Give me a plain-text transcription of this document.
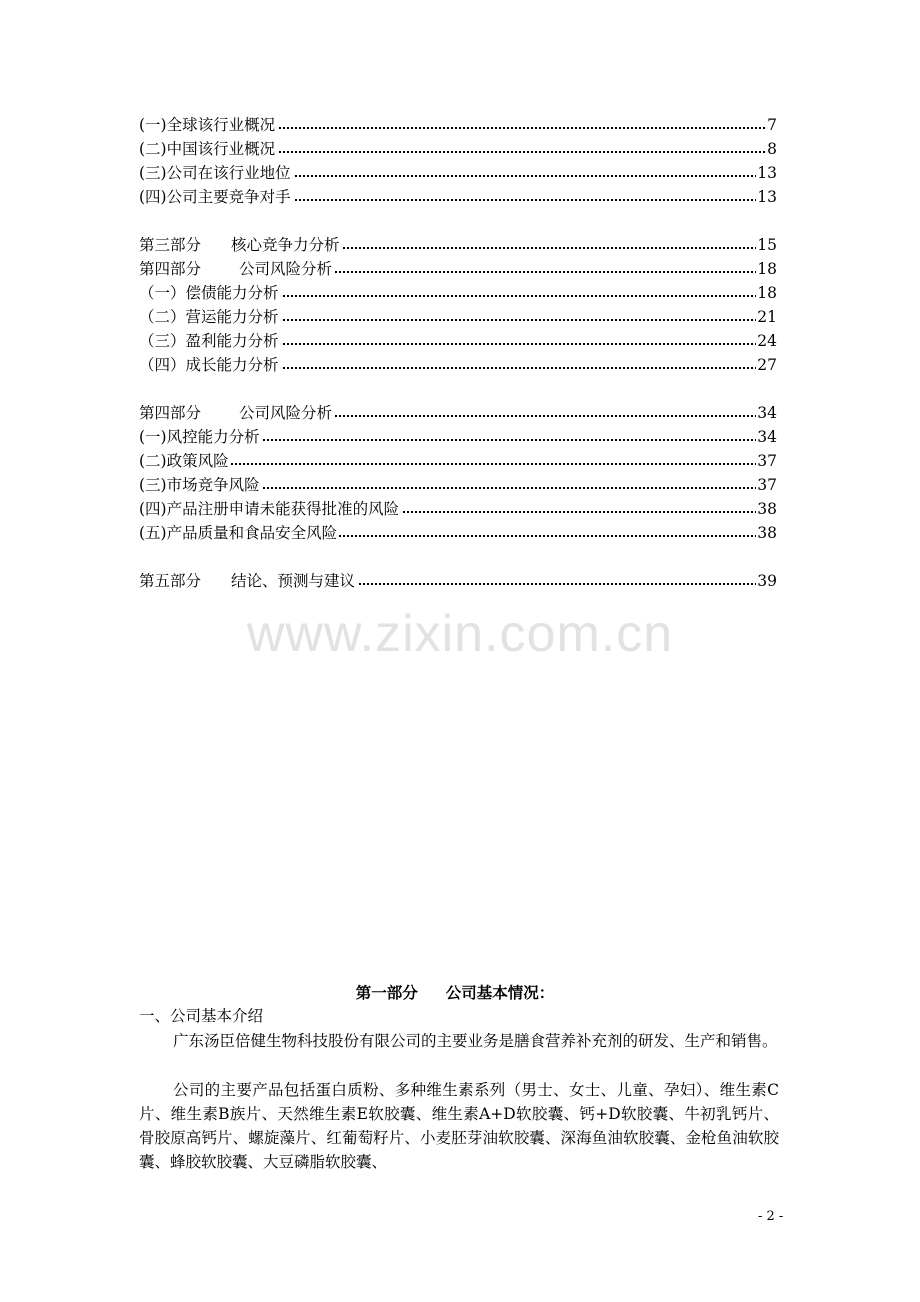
(一)全球该行业概况	7
(二)中国该行业概况	8
(三)公司在该行业地位	13
(四)公司主要竞争对手	13
第三部分 核心竞争力分析	15
第四部分 公司风险分析	18
（一）偿债能力分析	18
（二）营运能力分析	21
（三）盈利能力分析	24
（四）成长能力分析	27
第四部分 公司风险分析	34
(一)风控能力分析	34
(二)政策风险	37
(三)市场竞争风险	37
(四)产品注册申请未能获得批准的风险	38
(五)产品质量和食品安全风险	38
第五部分 结论、预测与建议	39
www.zixin.com.cn
第一部分 公司基本情况：
一、公司基本介绍
广东汤臣倍健生物科技股份有限公司的主要业务是膳食营养补充剂的研发、生产和销售。
公司的主要产品包括蛋白质粉、多种维生素系列（男士、女士、儿童、孕妇）、维生素C片、维生素B族片、天然维生素E软胶囊、维生素A+D软胶囊、钙+D软胶囊、牛初乳钙片、骨胶原高钙片、螺旋藻片、红葡萄籽片、小麦胚芽油软胶囊、深海鱼油软胶囊、金枪鱼油软胶囊、蜂胶软胶囊、大豆磷脂软胶囊、
- 2 -
